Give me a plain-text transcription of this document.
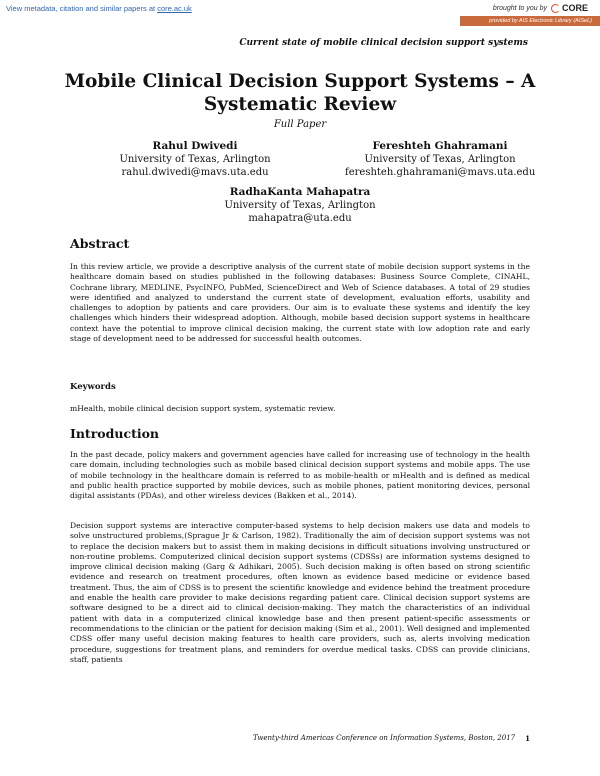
View metadata, citation and similar papers at core.ac.uk	brought to you by CORE
provided by AIS Electronic Library (AISeL)
Current state of mobile clinical decision support systems
Mobile Clinical Decision Support Systems – A Systematic Review
Full Paper
Rahul Dwivedi
University of Texas, Arlington
rahul.dwivedi@mavs.uta.edu
Fereshteh Ghahramani
University of Texas, Arlington
fereshteh.ghahramani@mavs.uta.edu
RadhaKanta Mahapatra
University of Texas, Arlington
mahapatra@uta.edu
Abstract

In this review article, we provide a descriptive analysis of the current state of mobile decision support systems in the healthcare domain based on studies published in the following databases: Business Source Complete, CINAHL, Cochrane library, MEDLINE, PsycINFO, PubMed, ScienceDirect and Web of Science databases. A total of 29 studies were identified and analyzed to understand the current state of development, evaluation efforts, usability and challenges to adoption by patients and care providers. Our aim is to evaluate these systems and identify the key challenges which hinders their widespread adoption. Although, mobile based decision support systems in healthcare context have the potential to improve clinical decision making, the current state with low adoption rate and early stage of development need to be addressed for successful health outcomes.

Keywords

mHealth, mobile clinical decision support system, systematic review.

Introduction

In the past decade, policy makers and government agencies have called for increasing use of technology in the health care domain, including technologies such as mobile based clinical decision support systems and mobile apps. The use of mobile technology in the healthcare domain is referred to as mobile-health or mHealth and is defined as medical and public health practice supported by mobile devices, such as mobile phones, patient monitoring devices, personal digital assistants (PDAs), and other wireless devices (Bakken et al., 2014).

Decision support systems are interactive computer-based systems to help decision makers use data and models to solve unstructured problems,(Sprague Jr & Carlson, 1982). Traditionally the aim of decision support systems was not to replace the decision makers but to assist them in making decisions in difficult situations involving unstructured or non-routine problems. Computerized clinical decision support systems (CDSSs) are information systems designed to improve clinical decision making (Garg & Adhikari, 2005). Such decision making is often based on strong scientific evidence and research on treatment procedures, often known as evidence based medicine or evidence based treatment. Thus, the aim of CDSS is to present the scientific knowledge and evidence behind the treatment procedure and enable the health care provider to make decisions regarding patient care. Clinical decision support systems are software designed to be a direct aid to clinical decision-making. They match the characteristics of an individual patient with data in a computerized clinical knowledge base and then present patient-specific assessments or recommendations to the clinician or the patient for decision making (Sim et al., 2001). Well designed and implemented CDSS offer many useful decision making features to health care providers, such as, alerts involving medication procedure, suggestions for treatment plans, and reminders for overdue medical tasks. CDSS can provide clinicians, staff, patients

Twenty-third Americas Conference on Information Systems, Boston, 2017 1
